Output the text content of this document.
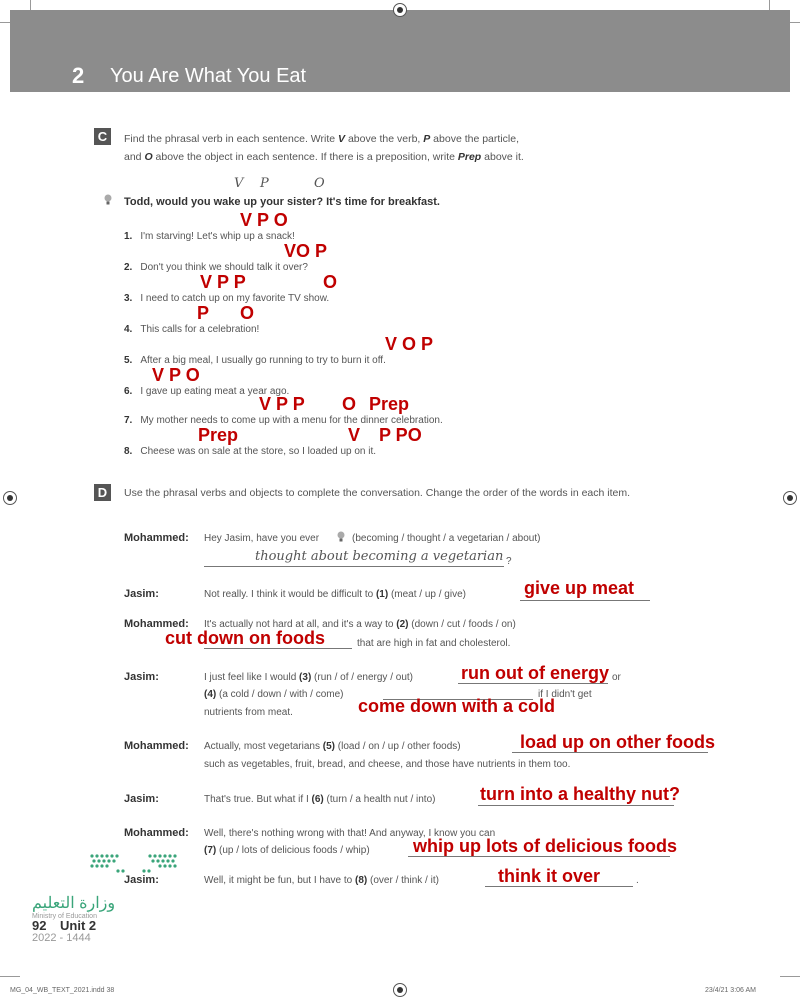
2 You Are What You Eat
C	Find the phrasal verb in each sentence. Write V above the verb, P above the particle,
and O above the object in each sentence. If there is a preposition, write Prep above it.
V P	O
Todd, would you wake up your sister? It's time for breakfast.
V P O
1. I'm starving! Let's whip up a snack!
VO P
2. Don't you think we should talk it over?
V P P	O
3. I need to catch up on my favorite TV show.
P O
4. This calls for a celebration!
V O P
5. After a big meal, I usually go running to try to burn it off.
V P O
6. I gave up eating meat a year ago.
V P P O Prep
7. My mother needs to come up with a menu for the dinner celebration.
Prep	V P PO
8. Cheese was on sale at the store, so I loaded up on it.
D	Use the phrasal verbs and objects to complete the conversation. Change the order of the words in each item.
Mohammed: Hey Jasim, have you ever	(becoming / thought / a vegetarian / about)
thought about becoming a vegetarian ?
Jasim:	Not really. I think it would be difficult to (1) (meat / up / give)	give up meat
Mohammed: It's actually not hard at all, and it's a way to (2) (down / cut / foods / on)
cut down on foods	that are high in fat and cholesterol.
Jasim:	I just feel like I would (3) (run / of / energy / out)	run out of energy or
(4) (a cold / down / with / come)	if I didn't get
come down with a cold
nutrients from meat.
Mohammed: Actually, most vegetarians (5) (load / on / up / other foods)	load up on other foods
such as vegetables, fruit, bread, and cheese, and those have nutrients in them too.
Jasim:	That's true. But what if I (6) (turn / a health nut / into) turn into a healthy nut?
Mohammed: Well, there's nothing wrong with that! And anyway, I know you can
(7) (up / lots of delicious foods / whip) whip up lots of delicious foods
Jasim:	Well, it might be fun, but I have to (8) (over / think / it)	think it over	.
وزارة التعليم
Ministry of Education
92 Unit 2
2022 - 1444
MG_04_WB_TEXT_2021.indd 38	23/4/21 3:06 AM
